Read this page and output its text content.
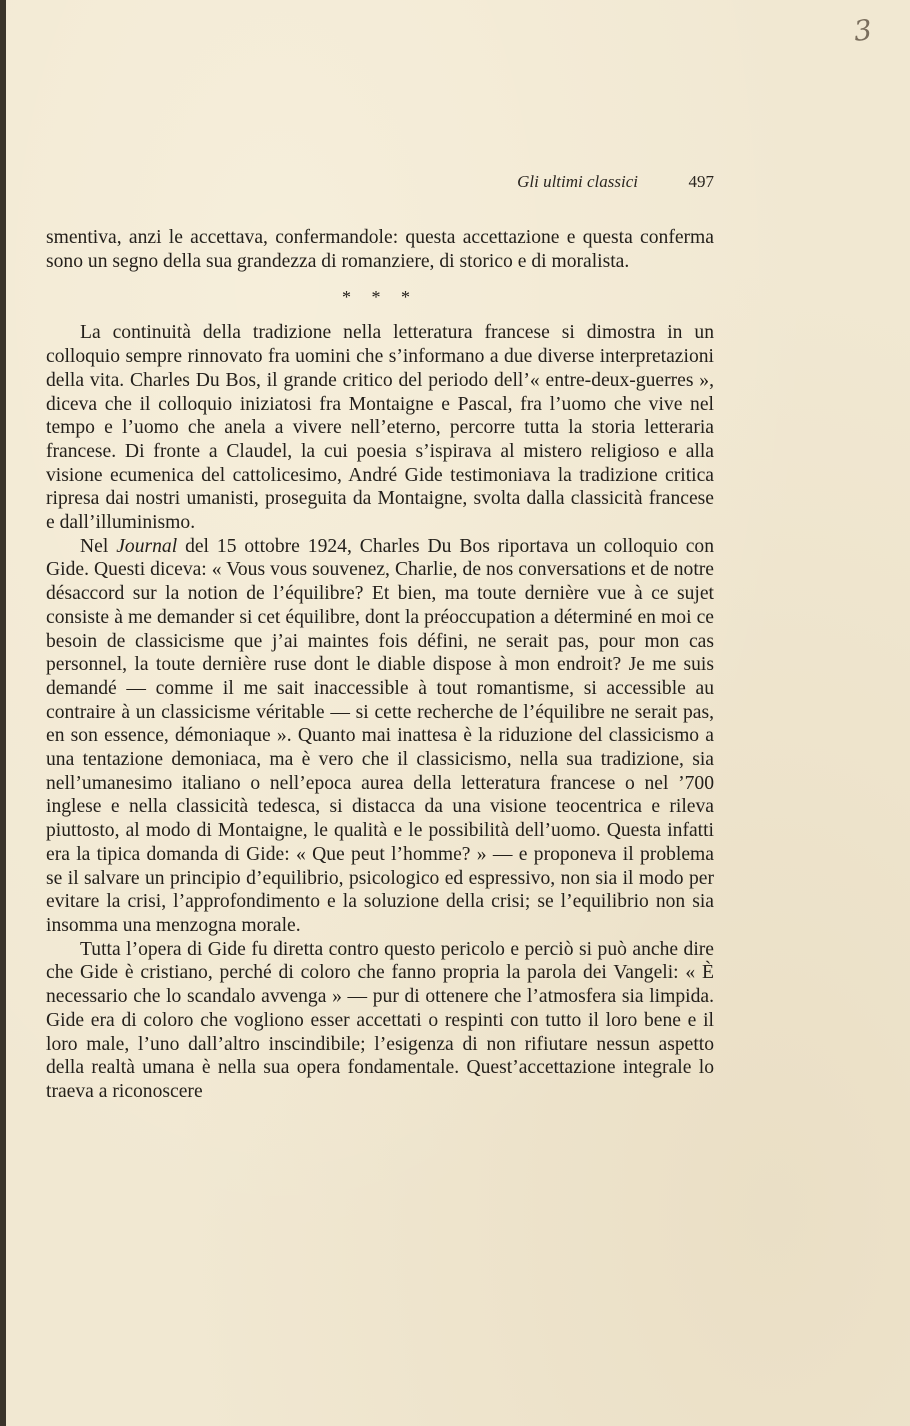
3
Gli ultimi classici	497

smentiva, anzi le accettava, confermandole: questa accettazione e questa conferma sono un segno della sua grandezza di romanziere, di storico e di moralista.

* * *

La continuità della tradizione nella letteratura francese si dimostra in un colloquio sempre rinnovato fra uomini che s’informano a due diverse interpretazioni della vita. Charles Du Bos, il grande critico del periodo dell’« entre-deux-guerres », diceva che il colloquio iniziatosi fra Montaigne e Pascal, fra l’uomo che vive nel tempo e l’uomo che anela a vivere nell’eterno, percorre tutta la storia letteraria francese. Di fronte a Claudel, la cui poesia s’ispirava al mistero religioso e alla visione ecumenica del cattolicesimo, André Gide testimoniava la tradizione critica ripresa dai nostri umanisti, proseguita da Montaigne, svolta dalla classicità francese e dall’illuminismo.

Nel Journal del 15 ottobre 1924, Charles Du Bos riportava un colloquio con Gide. Questi diceva: « Vous vous souvenez, Charlie, de nos conversations et de notre désaccord sur la notion de l’équilibre? Et bien, ma toute dernière vue à ce sujet consiste à me demander si cet équilibre, dont la préoccupation a déterminé en moi ce besoin de classicisme que j’ai maintes fois défini, ne serait pas, pour mon cas personnel, la toute dernière ruse dont le diable dispose à mon endroit? Je me suis demandé — comme il me sait inaccessible à tout romantisme, si accessible au contraire à un classicisme véritable — si cette recherche de l’équilibre ne serait pas, en son essence, démoniaque ». Quanto mai inattesa è la riduzione del classicismo a una tentazione demoniaca, ma è vero che il classicismo, nella sua tradizione, sia nell’umanesimo italiano o nell’epoca aurea della letteratura francese o nel ’700 inglese e nella classicità tedesca, si distacca da una visione teocentrica e rileva piuttosto, al modo di Montaigne, le qualità e le possibilità dell’uomo. Questa infatti era la tipica domanda di Gide: « Que peut l’homme? » — e proponeva il problema se il salvare un principio d’equilibrio, psicologico ed espressivo, non sia il modo per evitare la crisi, l’approfondimento e la soluzione della crisi; se l’equilibrio non sia insomma una menzogna morale.

Tutta l’opera di Gide fu diretta contro questo pericolo e perciò si può anche dire che Gide è cristiano, perché di coloro che fanno propria la parola dei Vangeli: « È necessario che lo scandalo avvenga » — pur di ottenere che l’atmosfera sia limpida. Gide era di coloro che vogliono esser accettati o respinti con tutto il loro bene e il loro male, l’uno dall’altro inscindibile; l’esigenza di non rifiutare nessun aspetto della realtà umana è nella sua opera fondamentale. Quest’accettazione integrale lo traeva a riconoscere
